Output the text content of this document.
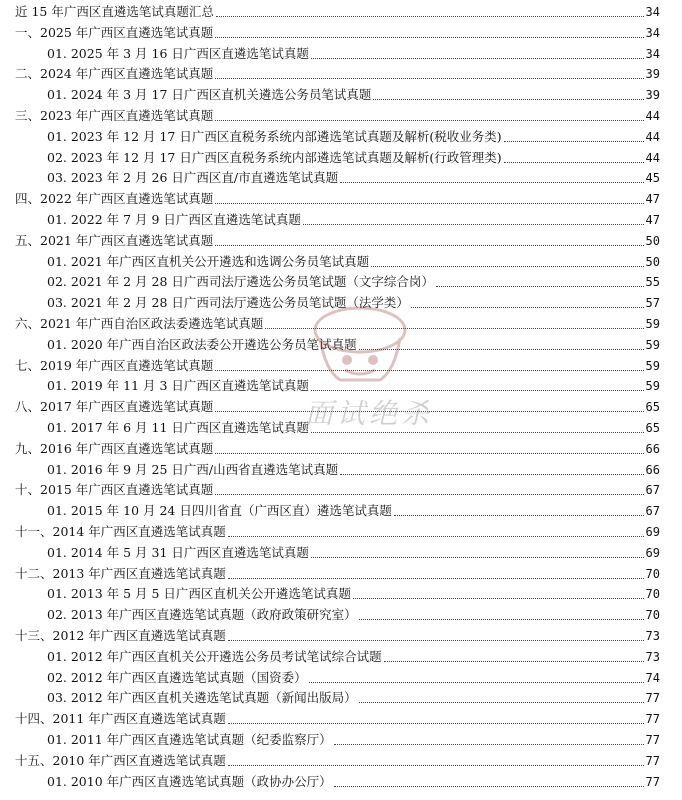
近 15 年广西区直遴选笔试真题汇总	34
一、2025 年广西区直遴选笔试真题	34
01. 2025 年 3 月 16 日广西区直遴选笔试真题	34
二、2024 年广西区直遴选笔试真题	39
01. 2024 年 3 月 17 日广西区直机关遴选公务员笔试真题	39
三、2023 年广西区直遴选笔试真题	44
01. 2023 年 12 月 17 日广西区直税务系统内部遴选笔试真题及解析(税收业务类)	44
02. 2023 年 12 月 17 日广西区直税务系统内部遴选笔试真题及解析(行政管理类)	44
03. 2023 年 2 月 26 日广西区直/市直遴选笔试真题	45
四、2022 年广西区直遴选笔试真题	47
01. 2022 年 7 月 9 日广西区直遴选笔试真题	47
五、2021 年广西区直遴选笔试真题	50
01. 2021 年广西区直机关公开遴选和选调公务员笔试真题	50
02. 2021 年 2 月 28 日广西司法厅遴选公务员笔试题（文字综合岗）	55
03. 2021 年 2 月 28 日广西司法厅遴选公务员笔试题（法学类）	57
六、2021 年广西自治区政法委遴选笔试真题	59
01. 2020 年广西自治区政法委公开遴选公务员笔试真题	59
七、2019 年广西区直遴选笔试真题	59
01. 2019 年 11 月 3 日广西区直遴选笔试真题	59
八、2017 年广西区直遴选笔试真题	65
01. 2017 年 6 月 11 日广西区直遴选笔试真题	65
九、2016 年广西区直遴选笔试真题	66
01. 2016 年 9 月 25 日广西/山西省直遴选笔试真题	66
十、2015 年广西区直遴选笔试真题	67
01. 2015 年 10 月 24 日四川省直（广西区直）遴选笔试真题	67
十一、2014 年广西区直遴选笔试真题	69
01. 2014 年 5 月 31 日广西区直遴选笔试真题	69
十二、2013 年广西区直遴选笔试真题	70
01. 2013 年 5 月 5 日广西区直机关公开遴选笔试真题	70
02. 2013 年广西区直遴选笔试真题（政府政策研究室）	70
十三、2012 年广西区直遴选笔试真题	73
01. 2012 年广西区直机关公开遴选公务员考试笔试综合试题	73
02. 2012 年广西区直遴选笔试真题（国资委）	74
03. 2012 年广西区直机关遴选笔试真题（新闻出版局）	77
十四、2011 年广西区直遴选笔试真题	77
01. 2011 年广西区直遴选笔试真题（纪委监察厅）	77
十五、2010 年广西区直遴选笔试真题	77
01. 2010 年广西区直遴选笔试真题（政协办公厅）	77
面试绝杀
